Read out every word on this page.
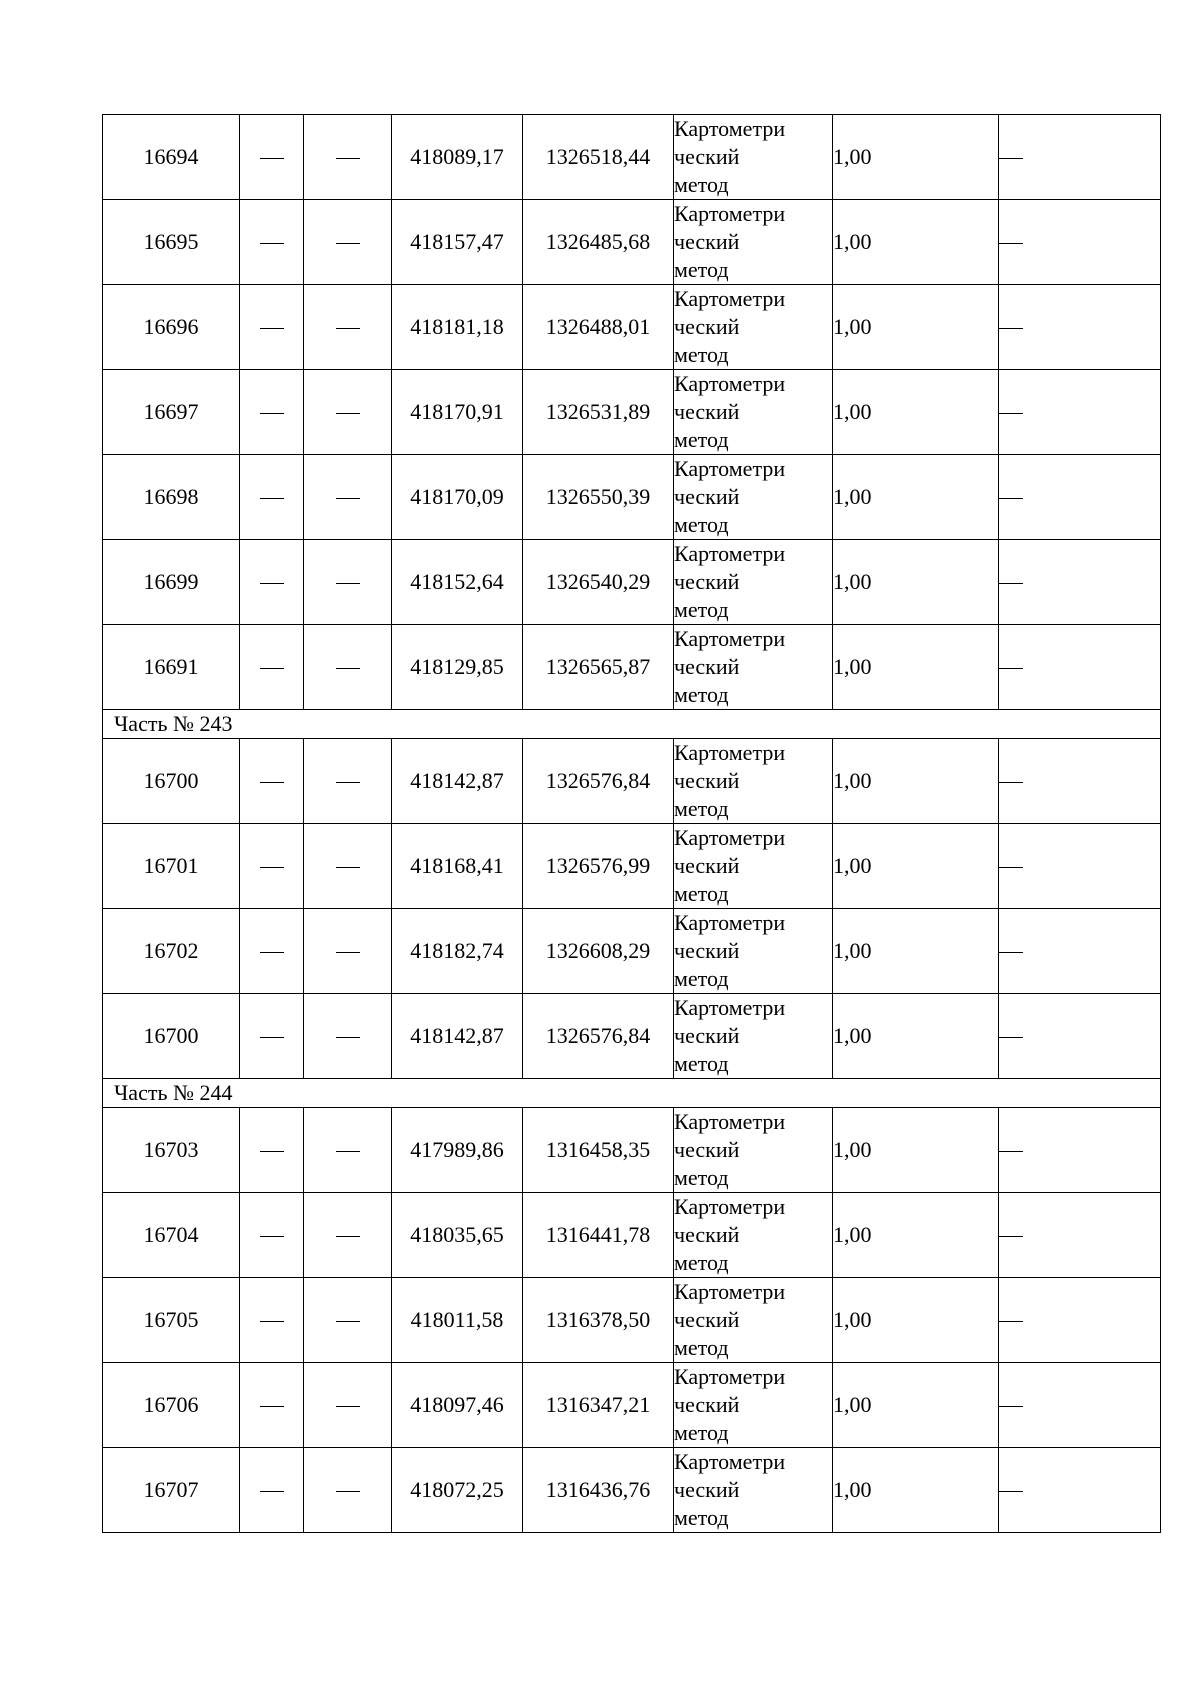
16694			418089,17	1326518,44	Картометри
ческий
метод	1,00	
16695			418157,47	1326485,68	Картометри
ческий
метод	1,00	
16696			418181,18	1326488,01	Картометри
ческий
метод	1,00	
16697			418170,91	1326531,89	Картометри
ческий
метод	1,00	
16698			418170,09	1326550,39	Картометри
ческий
метод	1,00	
16699			418152,64	1326540,29	Картометри
ческий
метод	1,00	
16691			418129,85	1326565,87	Картометри
ческий
метод	1,00	
Часть № 243							
16700			418142,87	1326576,84	Картометри
ческий
метод	1,00	
16701			418168,41	1326576,99	Картометри
ческий
метод	1,00	
16702			418182,74	1326608,29	Картометри
ческий
метод	1,00	
16700			418142,87	1326576,84	Картометри
ческий
метод	1,00	
Часть № 244							
16703			417989,86	1316458,35	Картометри
ческий
метод	1,00	
16704			418035,65	1316441,78	Картометри
ческий
метод	1,00	
16705			418011,58	1316378,50	Картометри
ческий
метод	1,00	
16706			418097,46	1316347,21	Картометри
ческий
метод	1,00	
16707			418072,25	1316436,76	Картометри
ческий
метод	1,00	
